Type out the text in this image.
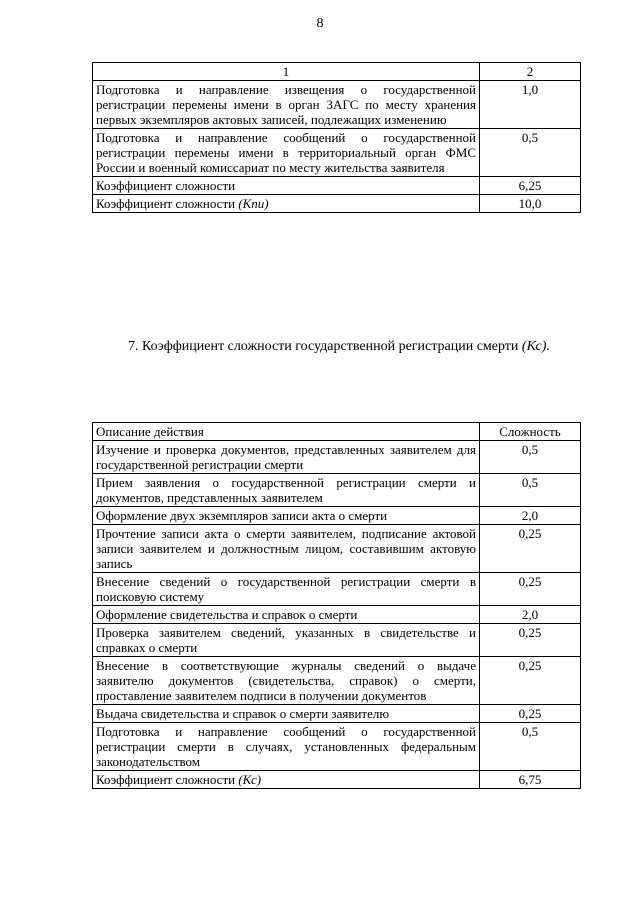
8
1	2
Подготовка и направление извещения о государственной регистрации перемены имени в орган ЗАГС по месту хранения первых экземпляров актовых записей, подлежащих изменению	1,0
Подготовка и направление сообщений о государственной регистрации перемены имени в территориальный орган ФМС России и военный комиссариат по месту жительства заявителя	0,5
Коэффициент сложности	6,25
Коэффициент сложности (Кпи)	10,0
7. Коэффициент сложности государственной регистрации смерти (Кс).
Описание действия	Сложность
Изучение и проверка документов, представленных заявителем для государственной регистрации смерти	0,5
Прием заявления о государственной регистрации смерти и документов, представленных заявителем	0,5
Оформление двух экземпляров записи акта о смерти	2,0
Прочтение записи акта о смерти заявителем, подписание актовой записи заявителем и должностным лицом, составившим актовую запись	0,25
Внесение сведений о государственной регистрации смерти в поисковую систему	0,25
Оформление свидетельства и справок о смерти	2,0
Проверка заявителем сведений, указанных в свидетельстве и справках о смерти	0,25
Внесение в соответствующие журналы сведений о выдаче заявителю документов (свидетельства, справок) о смерти, проставление заявителем подписи в получении документов	0,25
Выдача свидетельства и справок о смерти заявителю	0,25
Подготовка и направление сообщений о государственной регистрации смерти в случаях, установленных федеральным законодательством	0,5
Коэффициент сложности (Кс)	6,75
